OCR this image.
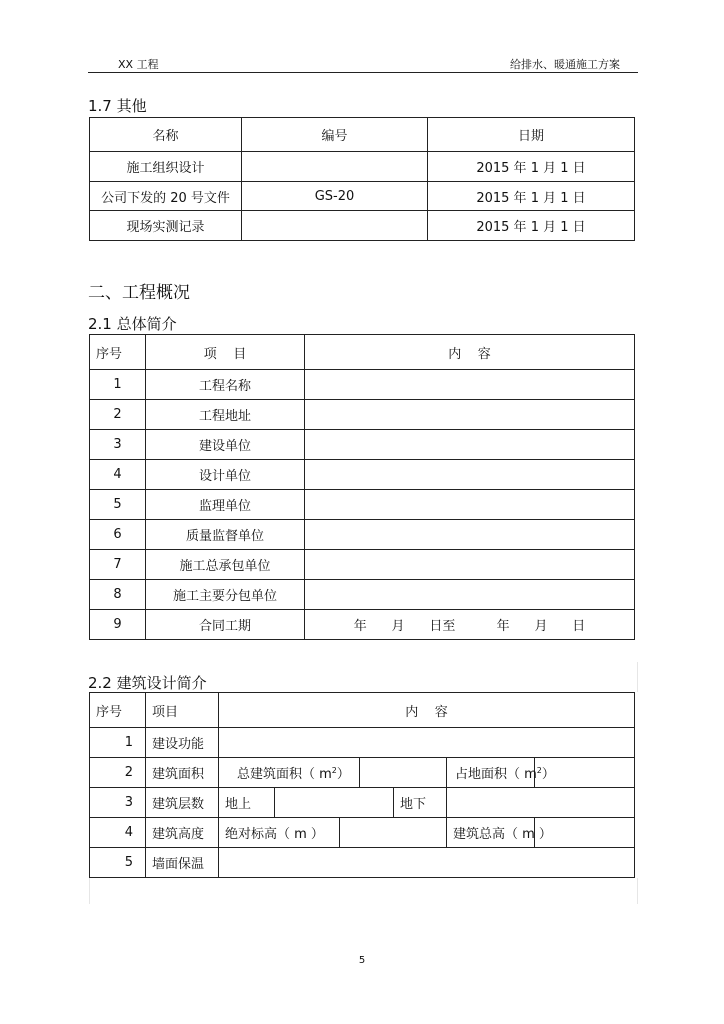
XX 工程	给排水、暖通施工方案
1.7 其他
名称	编号	日期
施工组织设计		2015 年 1 月 1 日
公司下发的 20 号文件	GS-20	2015 年 1 月 1 日
现场实测记录		2015 年 1 月 1 日
二、工程概况
2.1 总体简介
序号	项    目	内    容
1	工程名称	
2	工程地址	
3	建设单位	
4	设计单位	
5	监理单位	
6	质量监督单位	
7	施工总承包单位	
8	施工主要分包单位	
9	合同工期	年      月      日至          年      月      日
2.2 建筑设计简介
序号	项目	内    容						
1	建设功能							
2	建筑面积	总建筑面积（ $m^2$）					占地面积（ $m^2$）	
3	建筑层数	地上				地下		
4	建筑高度	绝对标高（ m ）					建筑总高（ m ）	
5	墙面保温							
5
